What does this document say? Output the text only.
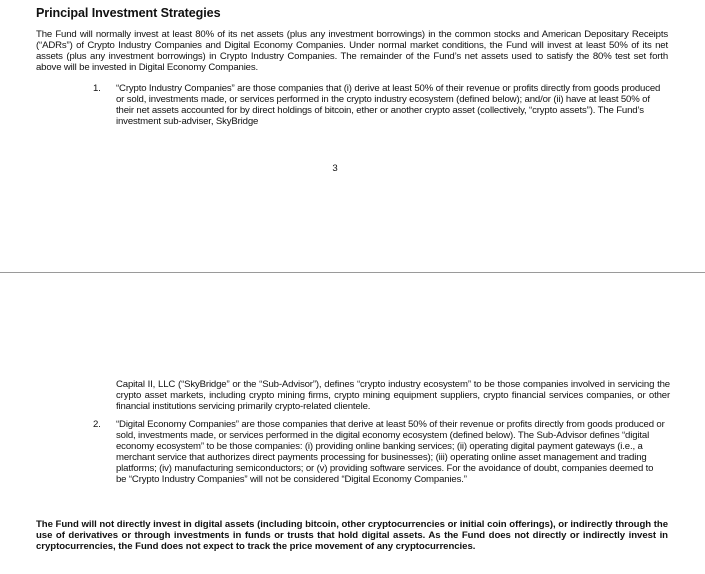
Principal Investment Strategies

The Fund will normally invest at least 80% of its net assets (plus any investment borrowings) in the common stocks and American Depositary Receipts (“ADRs”) of Crypto Industry Companies and Digital Economy Companies. Under normal market conditions, the Fund will invest at least 50% of its net assets (plus any investment borrowings) in Crypto Industry Companies. The remainder of the Fund’s net assets used to satisfy the 80% test set forth above will be invested in Digital Economy Companies.

1. “Crypto Industry Companies” are those companies that (i) derive at least 50% of their revenue or profits directly from goods produced or sold, investments made, or services performed in the crypto industry ecosystem (defined below); and/or (ii) have at least 50% of their net assets accounted for by direct holdings of bitcoin, ether or another crypto asset (collectively, “crypto assets”). The Fund’s investment sub-adviser, SkyBridge

3

Capital II, LLC (“SkyBridge” or the “Sub-Advisor”), defines “crypto industry ecosystem” to be those companies involved in servicing the crypto asset markets, including crypto mining firms, crypto mining equipment suppliers, crypto financial services companies, or other financial institutions servicing primarily crypto-related clientele.

2. “Digital Economy Companies” are those companies that derive at least 50% of their revenue or profits directly from goods produced or sold, investments made, or services performed in the digital economy ecosystem (defined below). The Sub-Advisor defines “digital economy ecosystem” to be those companies: (i) providing online banking services; (ii) operating digital payment gateways (i.e., a merchant service that authorizes direct payments processing for businesses); (iii) operating online asset management and trading platforms; (iv) manufacturing semiconductors; or (v) providing software services. For the avoidance of doubt, companies deemed to be “Crypto Industry Companies” will not be considered “Digital Economy Companies.”

The Fund will not directly invest in digital assets (including bitcoin, other cryptocurrencies or initial coin offerings), or indirectly through the use of derivatives or through investments in funds or trusts that hold digital assets. As the Fund does not directly or indirectly invest in cryptocurrencies, the Fund does not expect to track the price movement of any cryptocurrencies.
